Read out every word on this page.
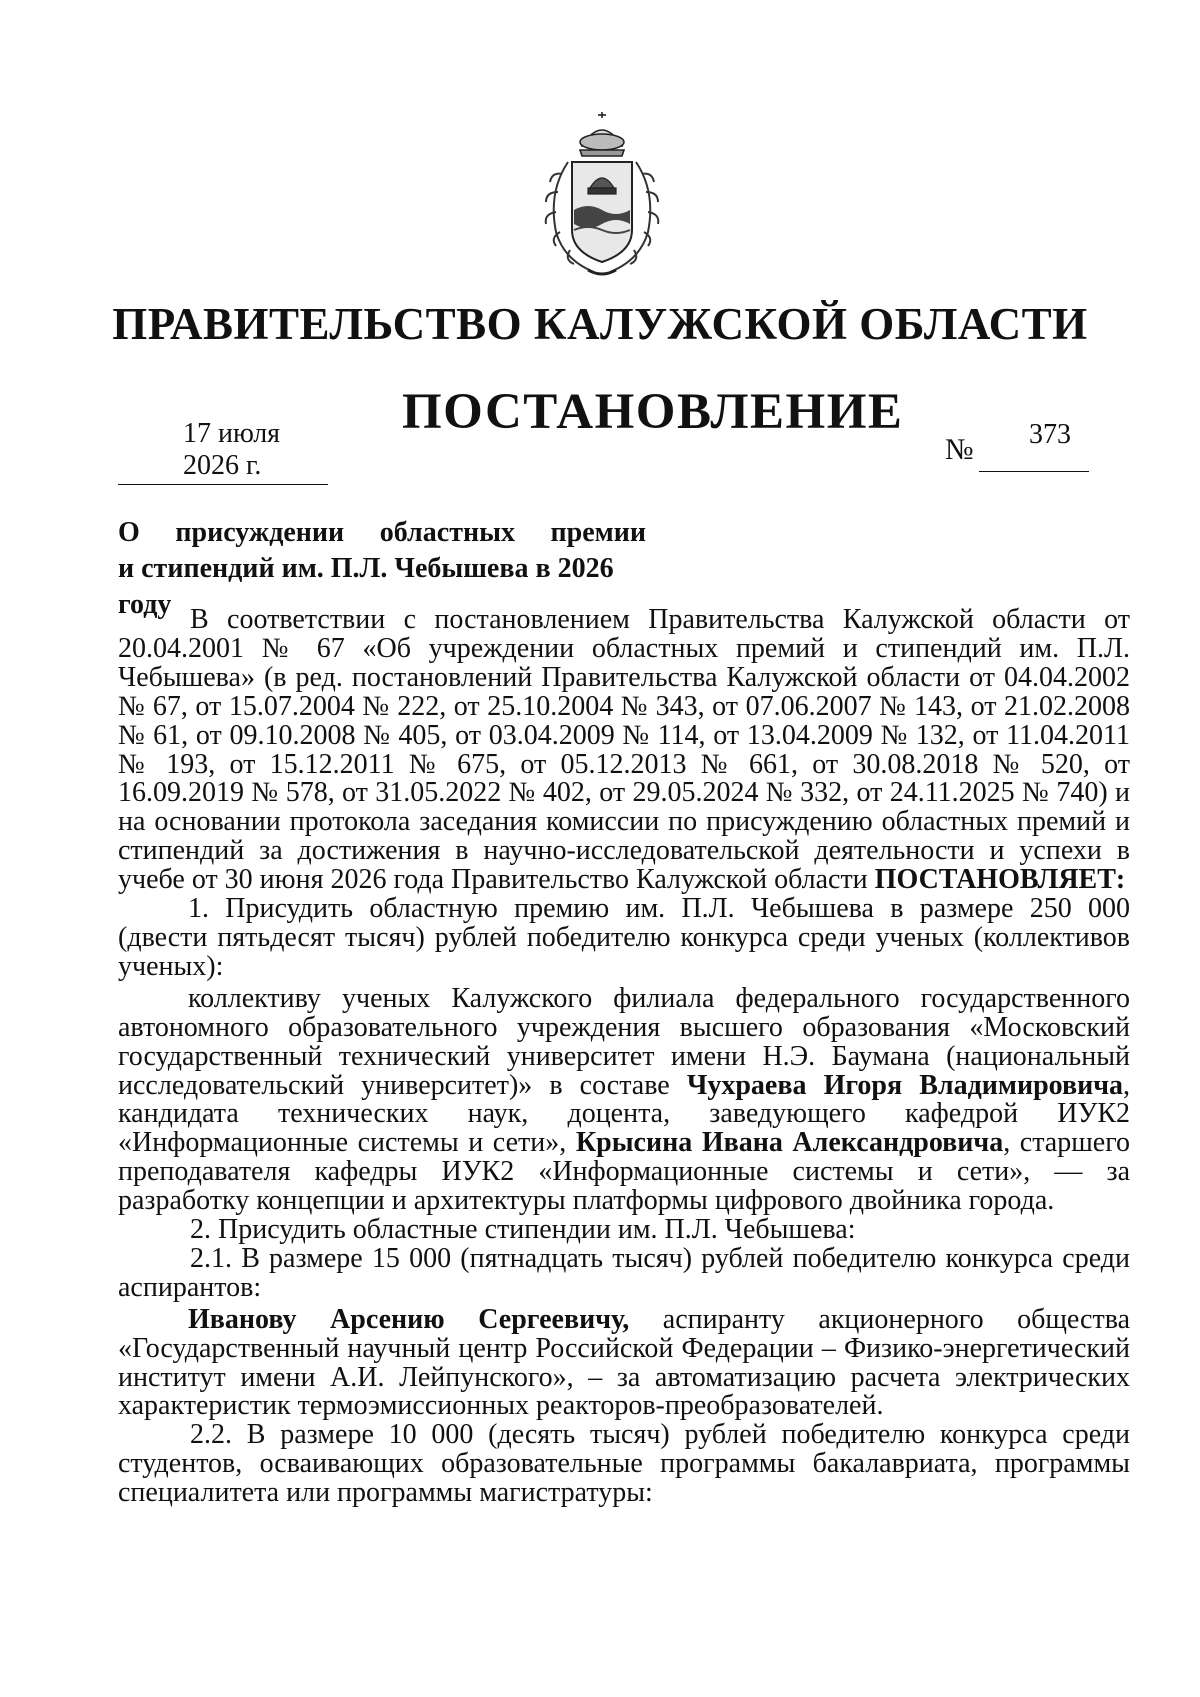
ПРАВИТЕЛЬСТВО КАЛУЖСКОЙ ОБЛАСТИ
ПОСТАНОВЛЕНИЕ
17 июля 2026 г.	№ 373
О присуждении областных премии
и стипендий им. П.Л. Чебышева в 2026 году В соответствии с постановлением Правительства Калужской области от 20.04.2001 № 67 «Об учреждении областных премий и стипендий им. П.Л. Чебышева» (в ред. постановлений Правительства Калужской области от 04.04.2002 № 67, от 15.07.2004 № 222, от 25.10.2004 № 343, от 07.06.2007 № 143, от 21.02.2008 № 61, от 09.10.2008 № 405, от 03.04.2009 № 114, от 13.04.2009 № 132, от 11.04.2011 № 193, от 15.12.2011 № 675, от 05.12.2013 № 661, от 30.08.2018 № 520, от 16.09.2019 № 578, от 31.05.2022 № 402, от 29.05.2024 № 332, от 24.11.2025 № 740) и на основании протокола заседания комиссии по присуждению областных премий и стипендий за достижения в научно-исследовательской деятельности и успехи в учебе от 30 июня 2026 года Правительство Калужской области ПОСТАНОВЛЯЕТ:

1. Присудить областную премию им. П.Л. Чебышева в размере 250 000 (двести пятьдесят тысяч) рублей победителю конкурса среди ученых (коллективов ученых):

коллективу ученых Калужского филиала федерального государственного автономного образовательного учреждения высшего образования «Московский государственный технический университет имени Н.Э. Баумана (национальный исследовательский университет)» в составе Чухраева Игоря Владимировича, кандидата технических наук, доцента, заведующего кафедрой ИУК2 «Информационные системы и сети», Крысина Ивана Александровича, старшего преподавателя кафедры ИУК2 «Информационные системы и сети», — за разработку концепции и архитектуры платформы цифрового двойника города.

2. Присудить областные стипендии им. П.Л. Чебышева:

2.1. В размере 15 000 (пятнадцать тысяч) рублей победителю конкурса среди аспирантов:

Иванову Арсению Сергеевичу, аспиранту акционерного общества «Государственный научный центр Российской Федерации – Физико-энергетический институт имени А.И. Лейпунского», – за автоматизацию расчета электрических характеристик термоэмиссионных реакторов-преобразователей.

2.2. В размере 10 000 (десять тысяч) рублей победителю конкурса среди студентов, осваивающих образовательные программы бакалавриата, программы специалитета или программы магистратуры:
